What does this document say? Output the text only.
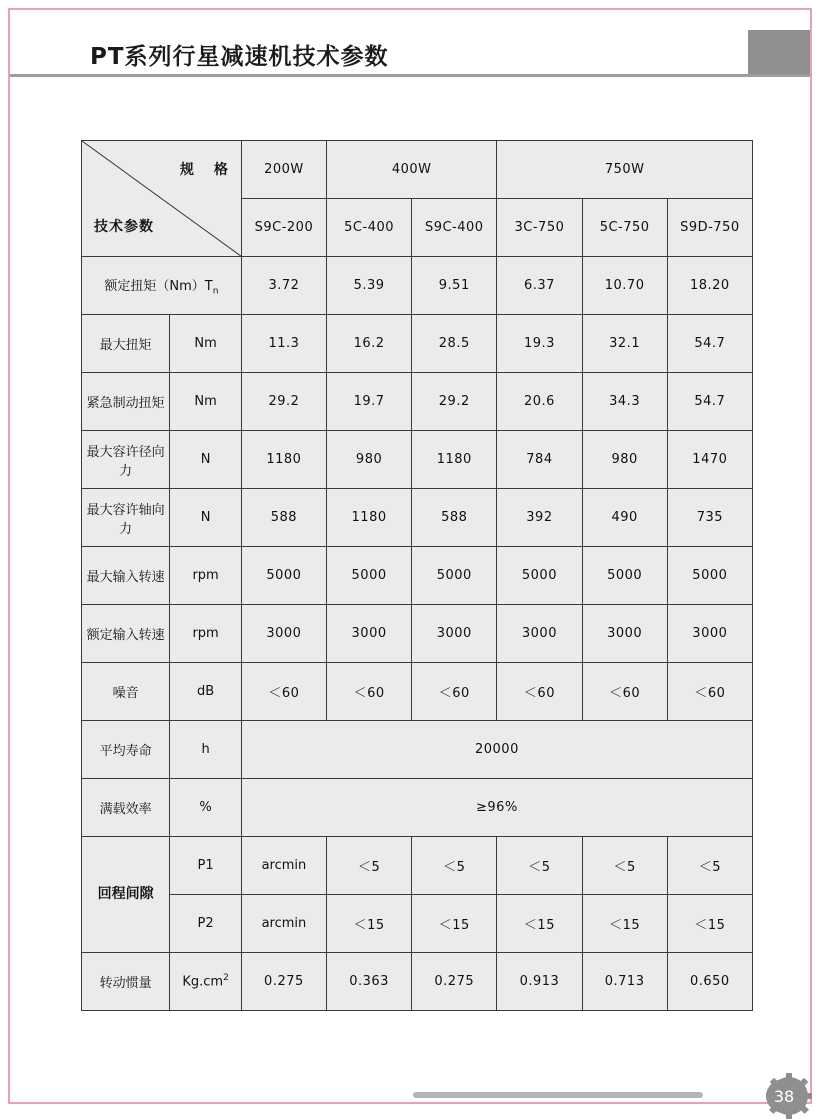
PT系列行星减速机技术参数
规　格
技术参数		200W	400W		750W		
		S9C-200	5C-400	S9C-400	3C-750	5C-750	S9D-750
额定扭矩$(Nm)T_n$		3.72	5.39	9.51	6.37	10.70	18.20
最大扭矩	Nm	11.3	16.2	28.5	19.3	32.1	54.7
紧急制动扭矩	Nm	29.2	19.7	29.2	20.6	34.3	54.7
最大容许径向力	N	1180	980	1180	784	980	1470
最大容许轴向力	N	588	1180	588	392	490	735
最大输入转速	rpm	5000	5000	5000	5000	5000	5000
额定输入转速	rpm	3000	3000	3000	3000	3000	3000
噪音	dB	＜60	＜60	＜60	＜60	＜60	＜60
平均寿命	h	20000					
满载效率	%	≥96%					

回程间隙	P1	arcmin	＜5	＜5	＜5	＜5	＜5
	P2	arcmin	＜15	＜15	＜15	＜15	＜15
转动惯量	$Kg.cm^2$	0.275	0.363	0.275	0.913	0.713	0.650
38
